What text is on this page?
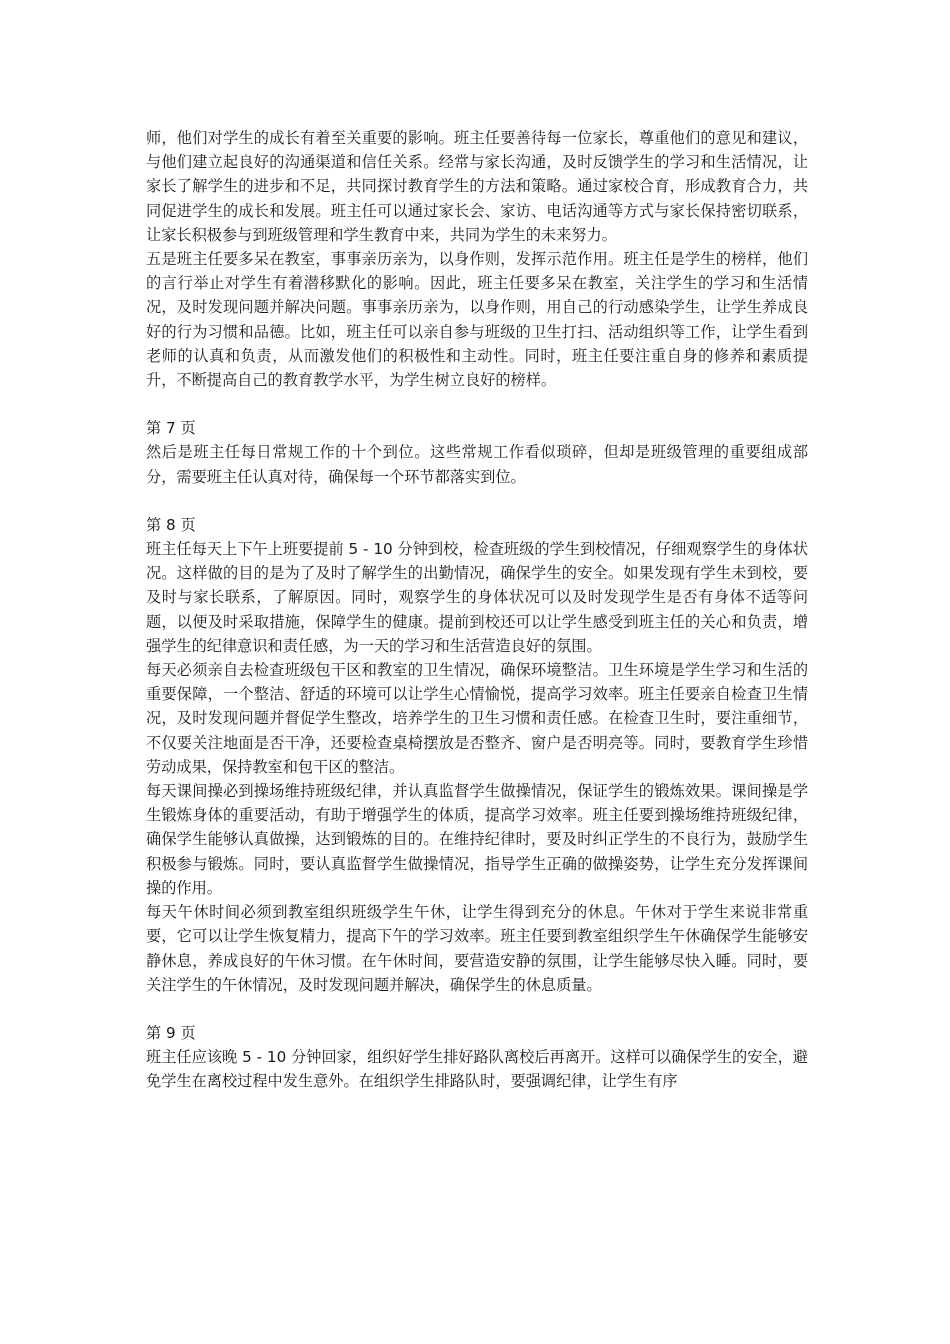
师，他们对学生的成长有着至关重要的影响。班主任要善待每一位家长，尊重他们的意见和建议，与他们建立起良好的沟通渠道和信任关系。经常与家长沟通，及时反馈学生的学习和生活情况，让家长了解学生的进步和不足，共同探讨教育学生的方法和策略。通过家校合育，形成教育合力，共同促进学生的成长和发展。班主任可以通过家长会、家访、电话沟通等方式与家长保持密切联系，让家长积极参与到班级管理和学生教育中来，共同为学生的未来努力。

五是班主任要多呆在教室，事事亲历亲为，以身作则，发挥示范作用。班主任是学生的榜样，他们的言行举止对学生有着潜移默化的影响。因此，班主任要多呆在教室，关注学生的学习和生活情况，及时发现问题并解决问题。事事亲历亲为，以身作则，用自己的行动感染学生，让学生养成良好的行为习惯和品德。比如，班主任可以亲自参与班级的卫生打扫、活动组织等工作，让学生看到老师的认真和负责，从而激发他们的积极性和主动性。同时，班主任要注重自身的修养和素质提升，不断提高自己的教育教学水平，为学生树立良好的榜样。

第 7 页

然后是班主任每日常规工作的十个到位。这些常规工作看似琐碎，但却是班级管理的重要组成部分，需要班主任认真对待，确保每一个环节都落实到位。

第 8 页

班主任每天上下午上班要提前 5 - 10 分钟到校，检查班级的学生到校情况，仔细观察学生的身体状况。这样做的目的是为了及时了解学生的出勤情况，确保学生的安全。如果发现有学生未到校，要及时与家长联系，了解原因。同时，观察学生的身体状况可以及时发现学生是否有身体不适等问题，以便及时采取措施，保障学生的健康。提前到校还可以让学生感受到班主任的关心和负责，增强学生的纪律意识和责任感，为一天的学习和生活营造良好的氛围。

每天必须亲自去检查班级包干区和教室的卫生情况，确保环境整洁。卫生环境是学生学习和生活的重要保障，一个整洁、舒适的环境可以让学生心情愉悦，提高学习效率。班主任要亲自检查卫生情况，及时发现问题并督促学生整改，培养学生的卫生习惯和责任感。在检查卫生时，要注重细节，不仅要关注地面是否干净，还要检查桌椅摆放是否整齐、窗户是否明亮等。同时，要教育学生珍惜劳动成果，保持教室和包干区的整洁。

每天课间操必到操场维持班级纪律，并认真监督学生做操情况，保证学生的锻炼效果。课间操是学生锻炼身体的重要活动，有助于增强学生的体质，提高学习效率。班主任要到操场维持班级纪律，确保学生能够认真做操，达到锻炼的目的。在维持纪律时，要及时纠正学生的不良行为，鼓励学生积极参与锻炼。同时，要认真监督学生做操情况，指导学生正确的做操姿势，让学生充分发挥课间操的作用。

每天午休时间必须到教室组织班级学生午休，让学生得到充分的休息。午休对于学生来说非常重要，它可以让学生恢复精力，提高下午的学习效率。班主任要到教室组织学生午休确保学生能够安静休息，养成良好的午休习惯。在午休时间，要营造安静的氛围，让学生能够尽快入睡。同时，要关注学生的午休情况，及时发现问题并解决，确保学生的休息质量。

第 9 页

班主任应该晚 5 - 10 分钟回家，组织好学生排好路队离校后再离开。这样可以确保学生的安全，避免学生在离校过程中发生意外。在组织学生排路队时，要强调纪律，让学生有序
